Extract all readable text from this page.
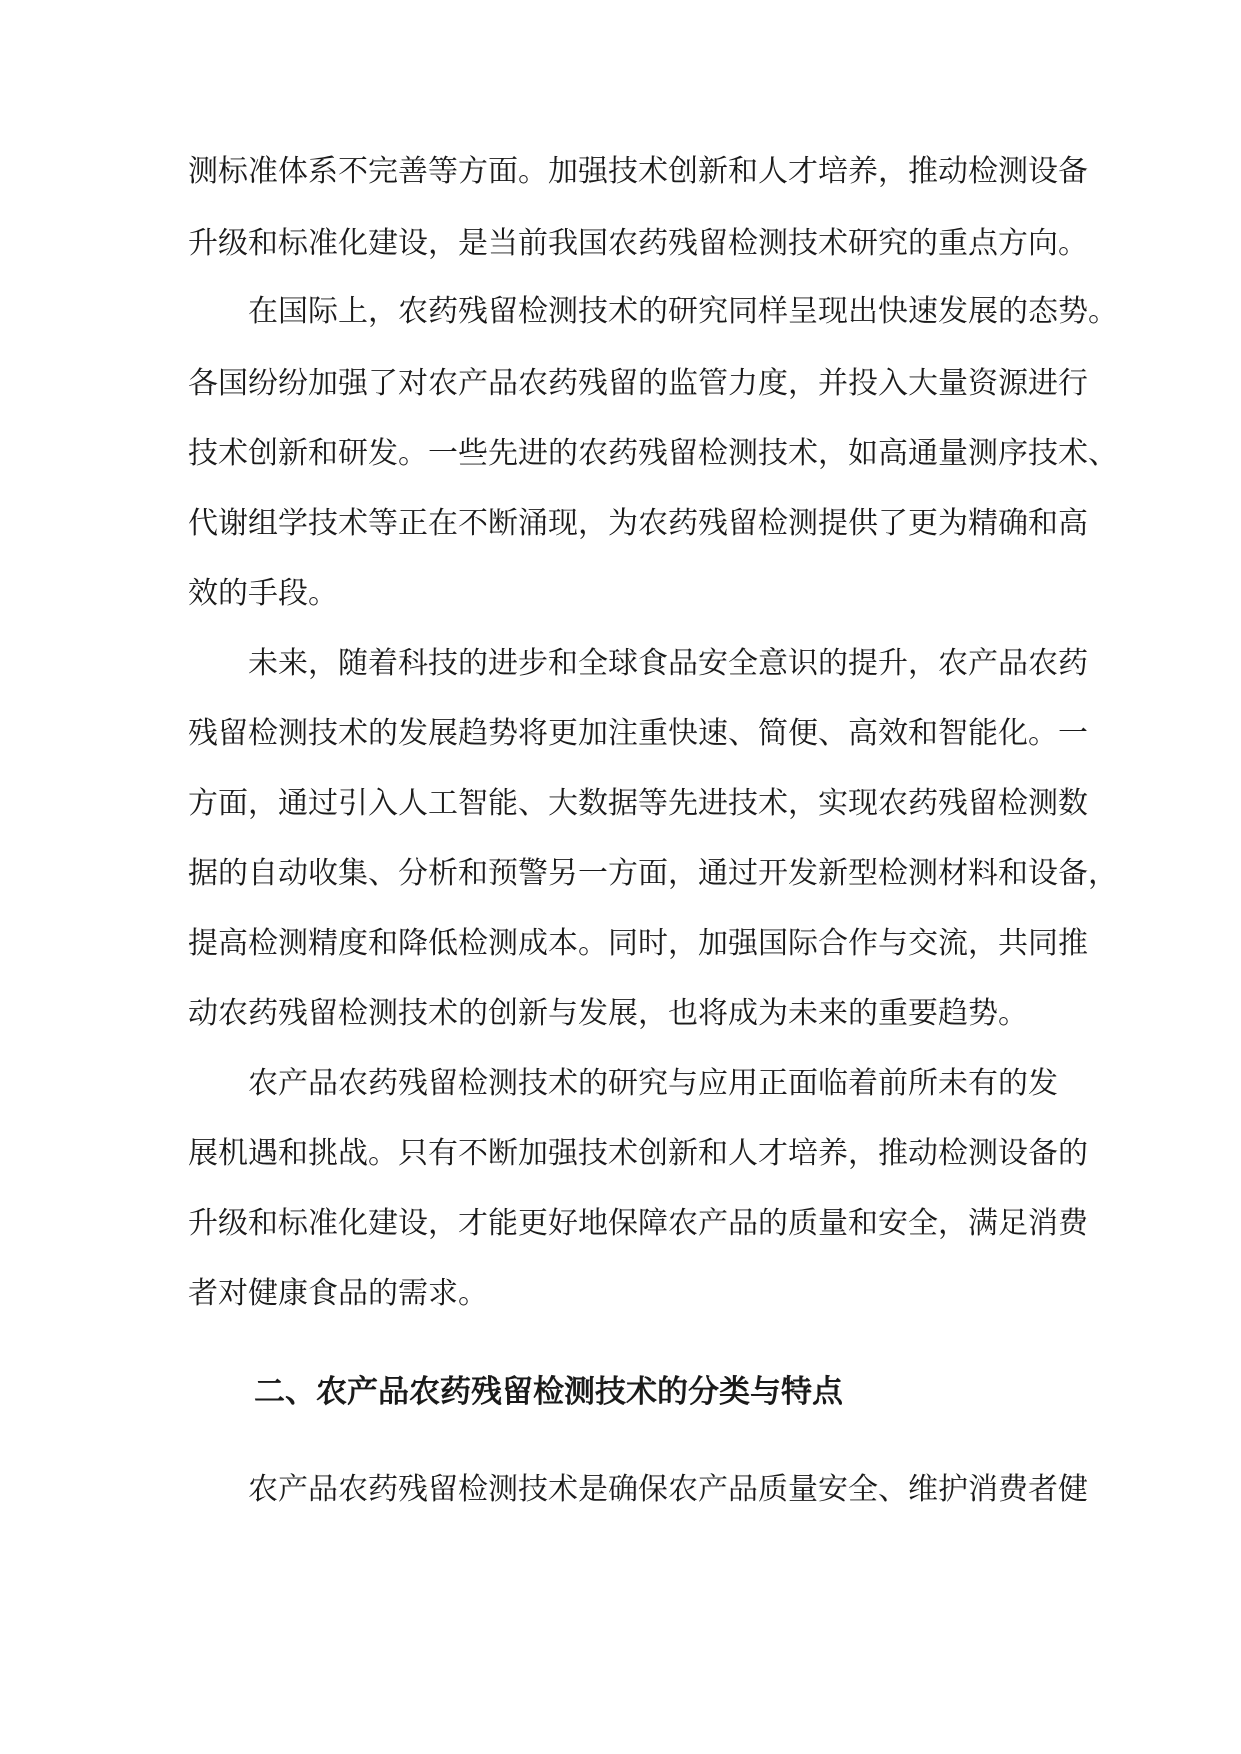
测标准体系不完善等方面。加强技术创新和人才培养，推动检测设备
升级和标准化建设，是当前我国农药残留检测技术研究的重点方向。
在国际上，农药残留检测技术的研究同样呈现出快速发展的态势。
各国纷纷加强了对农产品农药残留的监管力度，并投入大量资源进行
技术创新和研发。一些先进的农药残留检测技术，如高通量测序技术、
代谢组学技术等正在不断涌现，为农药残留检测提供了更为精确和高
效的手段。
未来，随着科技的进步和全球食品安全意识的提升，农产品农药
残留检测技术的发展趋势将更加注重快速、简便、高效和智能化。一
方面，通过引入人工智能、大数据等先进技术，实现农药残留检测数
据的自动收集、分析和预警另一方面，通过开发新型检测材料和设备，
提高检测精度和降低检测成本。同时，加强国际合作与交流，共同推
动农药残留检测技术的创新与发展，也将成为未来的重要趋势。
农产品农药残留检测技术的研究与应用正面临着前所未有的发
展机遇和挑战。只有不断加强技术创新和人才培养，推动检测设备的
升级和标准化建设，才能更好地保障农产品的质量和安全，满足消费
者对健康食品的需求。
二、农产品农药残留检测技术的分类与特点
农产品农药残留检测技术是确保农产品质量安全、维护消费者健
